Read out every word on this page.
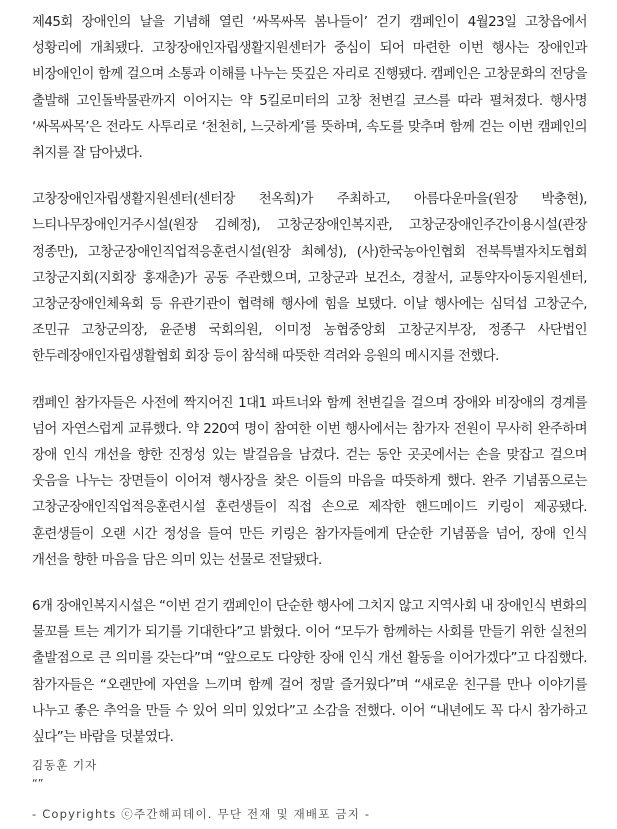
제45회 장애인의 날을 기념해 열린 ‘싸목싸목 봄나들이’ 걷기 캠페인이 4월23일 고창읍에서 성황리에 개최됐다. 고창장애인자립생활지원센터가 중심이 되어 마련한 이번 행사는 장애인과 비장애인이 함께 걸으며 소통과 이해를 나누는 뜻깊은 자리로 진행됐다. 캠페인은 고창문화의 전당을 출발해 고인돌박물관까지 이어지는 약 5킬로미터의 고창 천변길 코스를 따라 펼쳐졌다. 행사명 ‘싸목싸목’은 전라도 사투리로 ‘천천히, 느긋하게’를 뜻하며, 속도를 맞추며 함께 걷는 이번 캠페인의 취지를 잘 담아냈다.

고창장애인자립생활지원센터(센터장 천옥희)가 주최하고, 아름다운마을(원장 박충현), 느티나무장애인거주시설(원장 김혜정), 고창군장애인복지관, 고창군장애인주간이용시설(관장 정종만), 고창군장애인직업적응훈련시설(원장 최혜성), (사)한국농아인협회 전북특별자치도협회 고창군지회(지회장 홍재춘)가 공동 주관했으며, 고창군과 보건소, 경찰서, 교통약자이동지원센터, 고창군장애인체육회 등 유관기관이 협력해 행사에 힘을 보탰다. 이날 행사에는 심덕섭 고창군수, 조민규 고창군의장, 윤준병 국회의원, 이미정 농협중앙회 고창군지부장, 정종구 사단법인 한두레장애인자립생활협회 회장 등이 참석해 따뜻한 격려와 응원의 메시지를 전했다.

캠페인 참가자들은 사전에 짝지어진 1대1 파트너와 함께 천변길을 걸으며 장애와 비장애의 경계를 넘어 자연스럽게 교류했다. 약 220여 명이 참여한 이번 행사에서는 참가자 전원이 무사히 완주하며 장애 인식 개선을 향한 진정성 있는 발걸음을 남겼다. 걷는 동안 곳곳에서는 손을 맞잡고 걸으며 웃음을 나누는 장면들이 이어져 행사장을 찾은 이들의 마음을 따뜻하게 했다. 완주 기념품으로는 고창군장애인직업적응훈련시설 훈련생들이 직접 손으로 제작한 핸드메이드 키링이 제공됐다. 훈련생들이 오랜 시간 정성을 들여 만든 키링은 참가자들에게 단순한 기념품을 넘어, 장애 인식 개선을 향한 마음을 담은 의미 있는 선물로 전달됐다.

6개 장애인복지시설은 “이번 걷기 캠페인이 단순한 행사에 그치지 않고 지역사회 내 장애인식 변화의 물꼬를 트는 계기가 되기를 기대한다”고 밝혔다. 이어 “모두가 함께하는 사회를 만들기 위한 실천의 출발점으로 큰 의미를 갖는다”며 “앞으로도 다양한 장애 인식 개선 활동을 이어가겠다”고 다짐했다. 참가자들은 “오랜만에 자연을 느끼며 함께 걸어 정말 즐거웠다”며 “새로운 친구를 만나 이야기를 나누고 좋은 추억을 만들 수 있어 의미 있었다”고 소감을 전했다. 이어 “내년에도 꼭 다시 참가하고 싶다”는 바람을 덧붙였다.

김동훈 기자
“”
- Copyrights ⓒ주간해피데이. 무단 전재 및 재배포 금지 -
